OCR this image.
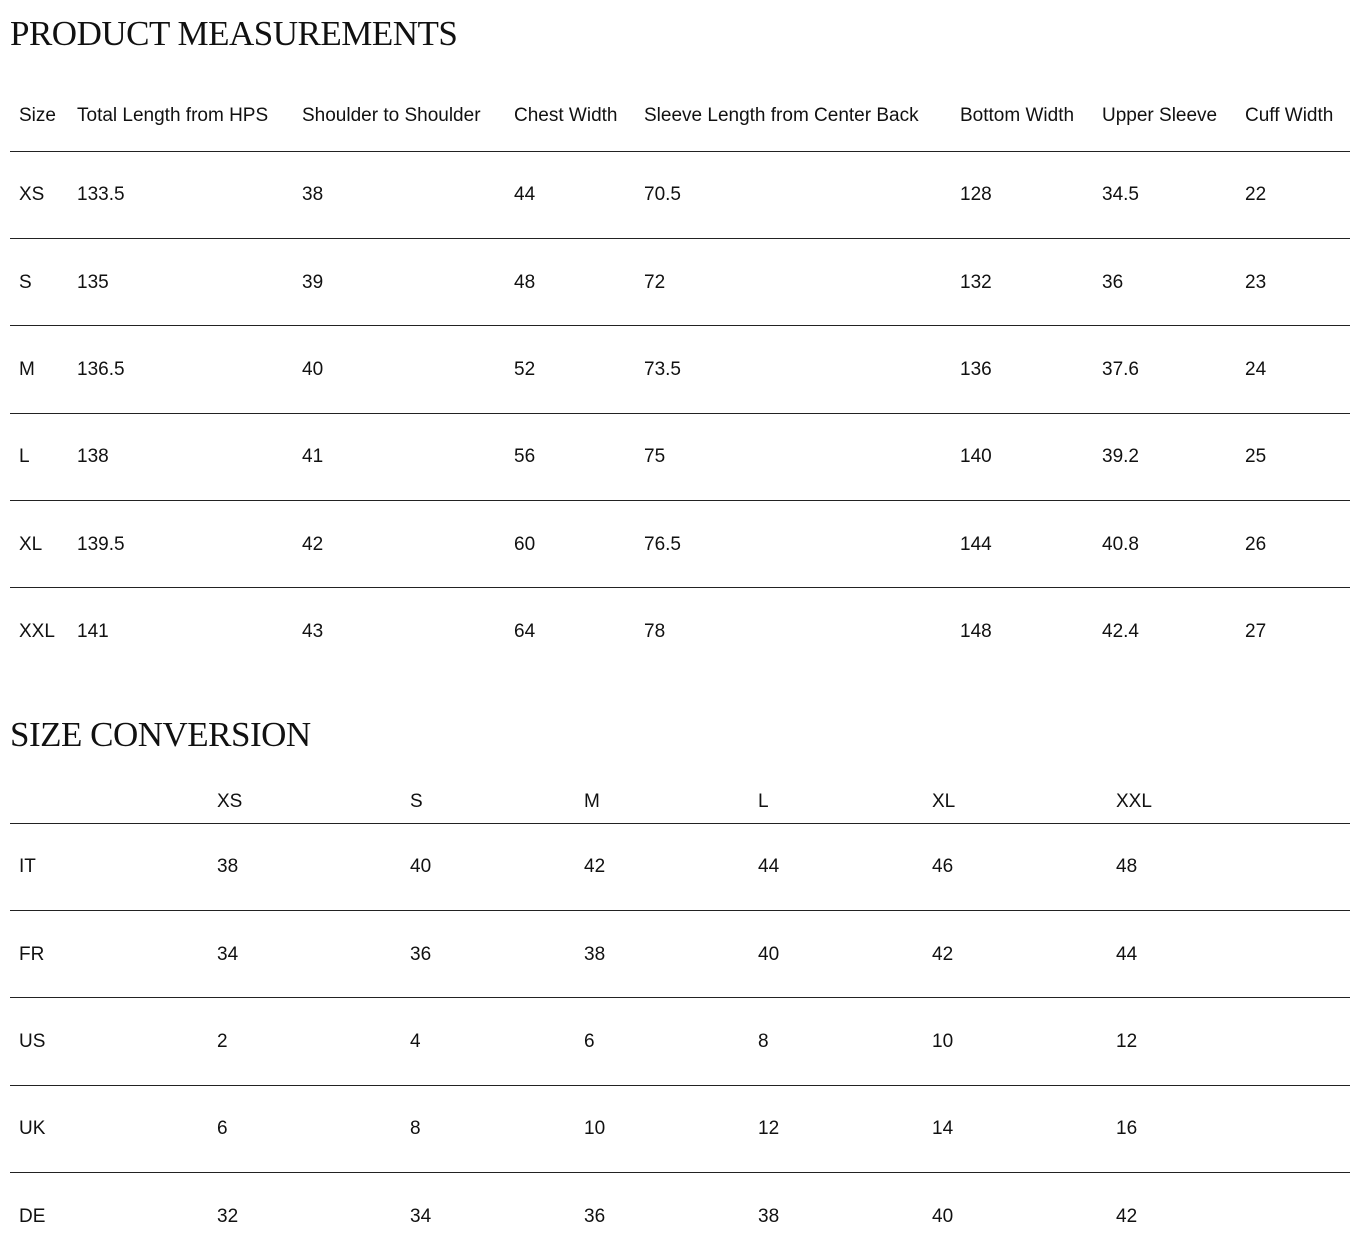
PRODUCT MEASUREMENTS
Size	Total Length from HPS	Shoulder to Shoulder	Chest Width	Sleeve Length from Center Back	Bottom Width	Upper Sleeve	Cuff Width
XS	133.5	38	44	70.5	128	34.5	22
S	135	39	48	72	132	36	23
M	136.5	40	52	73.5	136	37.6	24
L	138	41	56	75	140	39.2	25
XL	139.5	42	60	76.5	144	40.8	26
XXL	141	43	64	78	148	42.4	27
SIZE CONVERSION
	XS	S	M	L	XL	XXL
IT	38	40	42	44	46	48
FR	34	36	38	40	42	44
US	2	4	6	8	10	12
UK	6	8	10	12	14	16
DE	32	34	36	38	40	42
